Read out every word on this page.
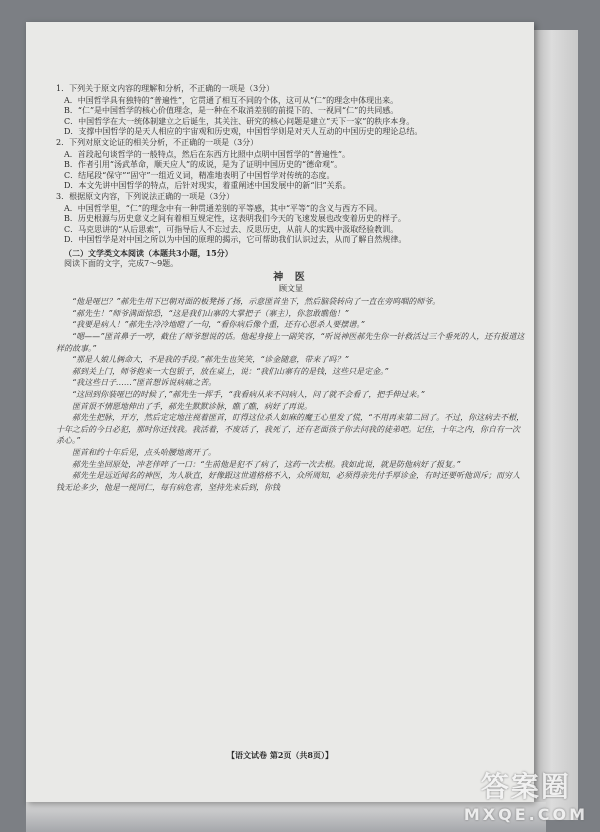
1．下列关于原文内容的理解和分析，不正确的一项是（3分）

A．中国哲学具有独特的“普遍性”，它贯通了相互不同的个体，这可从“仁”的理念中体现出来。

B．“仁”是中国哲学的核心价值理念，是一种在不取消差别的前提下的、一视同“仁”的共同感。

C．中国哲学在大一统体制建立之后诞生，其关注、研究的核心问题是建立“天下一家”的秩序本身。

D．支撑中国哲学的是天人相应的宇宙观和历史观，中国哲学则是对天人互动的中国历史的理论总结。

2．下列对原文论证的相关分析，不正确的一项是（3分）

A．首段起句谈哲学的一般特点，然后在东西方比照中点明中国哲学的“普遍性”。

B．作者引用“汤武革命，顺天应人”的成说，是为了证明中国历史的“德命观”。

C．结尾段“保守”“固守”一组近义词，精准地表明了中国哲学对传统的态度。

D．本文先讲中国哲学的特点，后针对现实，着重阐述中国发展中的新“旧”关系。

3．根据原文内容，下列说法正确的一项是（3分）

A．中国哲学里，“仁”的理念中有一种贯通差别的平等感，其中“平等”的含义与西方不同。

B．历史根源与历史意义之间有着相互规定性，这表明我们今天的飞速发展也改变着历史的样子。

C．马克思讲的“从后思索”，可指导后人不忘过去、反思历史，从前人的实践中汲取经验教训。

D．中国哲学是对中国之所以为中国的原理的揭示，它可帮助我们认识过去，从而了解自然规律。

（二）文学类文本阅读（本题共3小题，15分）

阅读下面的文字，完成7～9题。

神 医
顾文显

“他是哑巴？”郝先生用下巴朝对面的板凳扬了扬，示意匪首坐下，然后脑袋转向了一直在旁呜咽的师爷。

“郝先生！”师爷满面惊恐，“这是我们山寨的大掌把子（寨主），你忽敢瞧他！”

“我要是病人！”郝先生冷冷地瞪了一句，“看你病后像个重，还有心思杀人要摆谱。”

“嗯——”匪首鼻子一哼，截住了师爷想说的话。他起身接上一副笑容，“听说神医郝先生你一针救活过三个垂死的人，还有报道这样的故事。”

“那是人娘儿俩命大，不是我的手段。”郝先生也笑笑，“诊金随意，带来了吗？”

郝到关上门，师爷抱来一大包银子，放在桌上，说：“我们山寨有的是钱，这些只是定金。”

“我这些日子……”匪首想诉说病痛之苦。

“这回到你装哑巴的时候了，”郝先生一挥手，“我看病从来不问病人，问了就不会看了，把手伸过来。”

匪首很不情愿地伸出了手，郝先生默默诊脉，瞧了瞧，病好了再说。

郝先生把脉，开方，然后定定地注视着匪首，盯得这位杀人如麻的魔王心里发了慌，“不用再来第二回了。不过，你这病去不根，十年之后的今日必犯，那时你还找我。我活着，不废话了，我死了，还有老面孩子你去问我的徒弟吧。记住，十年之内，你自有一次杀心。”

匪首和约十年后见，点头哈腰地离开了。

郝先生坐回原处，冲老伴啐了一口：“生前他是犯不了病了，这药一次去根。我如此说，就是防他病好了报复。”

郝先生是远近闻名的神医，为人耿直，好像跟这世道格格不入，众所周知，必须得亲先付手厚诊金，有时还要听他训斥；而穷人钱无论多少，他是一视同仁，每有病危者，坚持先来后到，你钱

【语文试卷 第2页（共8页）】
答案圈
MXQE.COM
